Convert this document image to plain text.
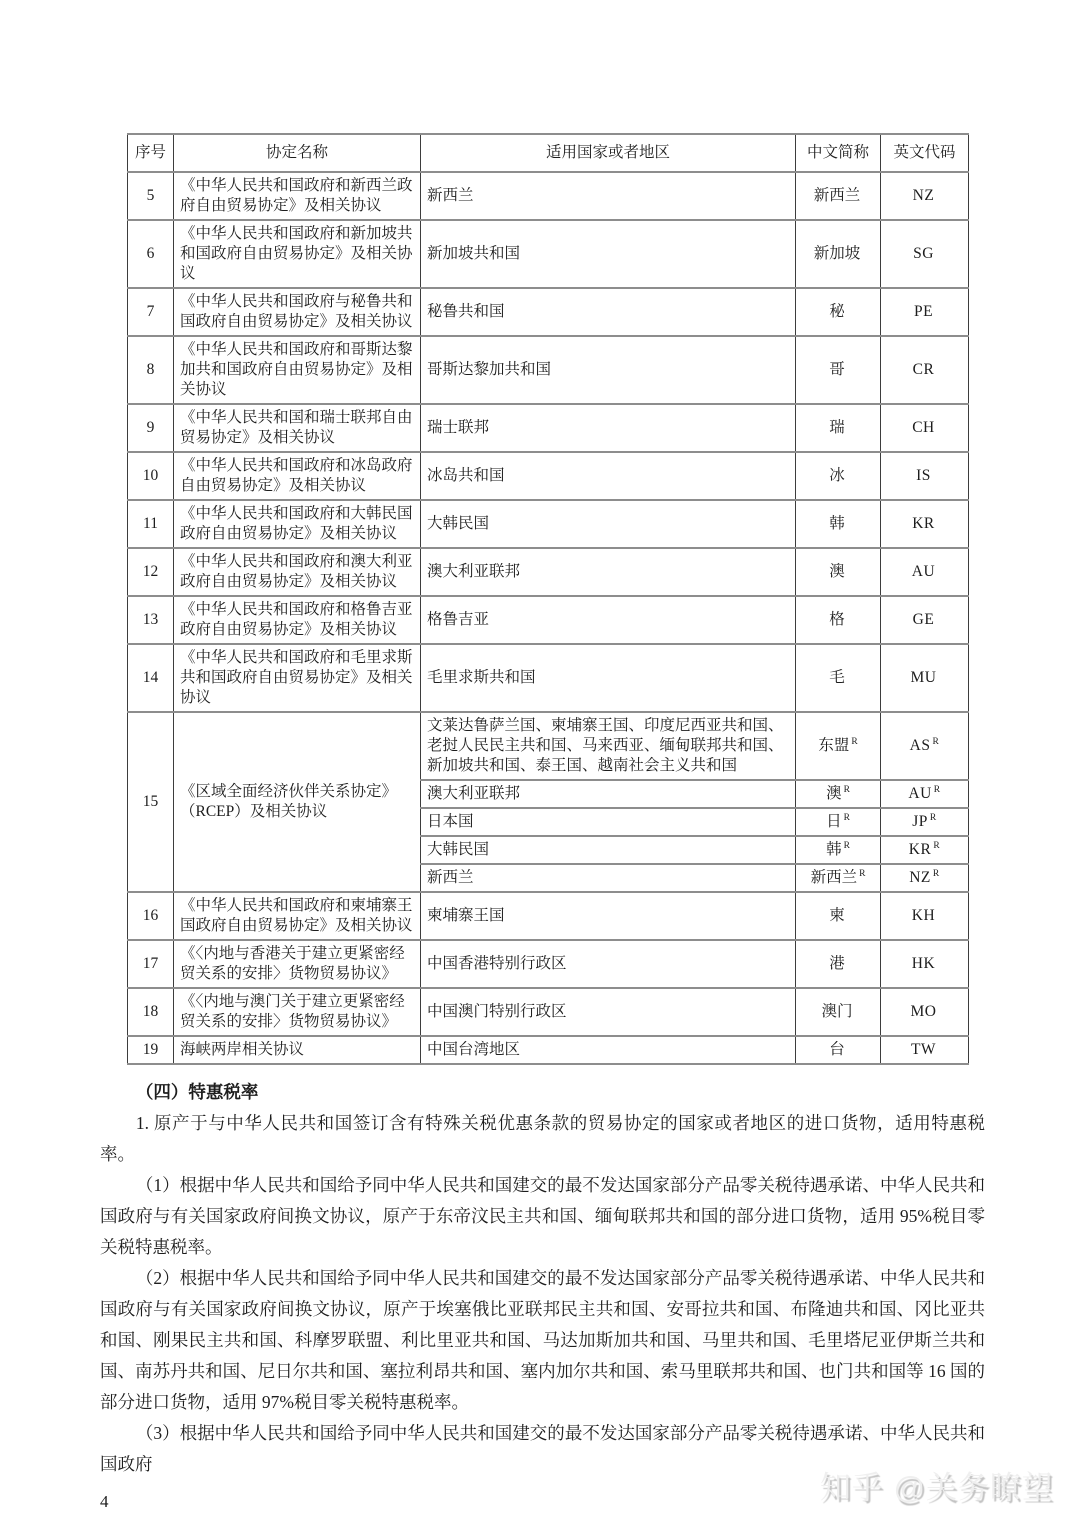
序号	协定名称	适用国家或者地区	中文简称	英文代码
5	《中华人民共和国政府和新西兰政府自由贸易协定》及相关协议	新西兰	新西兰	NZ
6	《中华人民共和国政府和新加坡共和国政府自由贸易协定》及相关协议	新加坡共和国	新加坡	SG
7	《中华人民共和国政府与秘鲁共和国政府自由贸易协定》及相关协议	秘鲁共和国	秘	PE
8	《中华人民共和国政府和哥斯达黎加共和国政府自由贸易协定》及相关协议	哥斯达黎加共和国	哥	CR
9	《中华人民共和国和瑞士联邦自由贸易协定》及相关协议	瑞士联邦	瑞	CH
10	《中华人民共和国政府和冰岛政府自由贸易协定》及相关协议	冰岛共和国	冰	IS
11	《中华人民共和国政府和大韩民国政府自由贸易协定》及相关协议	大韩民国	韩	KR
12	《中华人民共和国政府和澳大利亚政府自由贸易协定》及相关协议	澳大利亚联邦	澳	AU
13	《中华人民共和国政府和格鲁吉亚政府自由贸易协定》及相关协议	格鲁吉亚	格	GE
14	《中华人民共和国政府和毛里求斯共和国政府自由贸易协定》及相关协议	毛里求斯共和国	毛	MU
15	《区域全面经济伙伴关系协定》（RCEP）及相关协议	文莱达鲁萨兰国、柬埔寨王国、印度尼西亚共和国、老挝人民民主共和国、马来西亚、缅甸联邦共和国、新加坡共和国、泰王国、越南社会主义共和国	东盟 $^R$	AS $^R$
		澳大利亚联邦	澳 $^R$	AU $^R$
		日本国	日 $^R$	JP $^R$
		大韩民国	韩 $^R$	KR $^R$
		新西兰	新西兰 $^R$	NZ $^R$
16	《中华人民共和国政府和柬埔寨王国政府自由贸易协定》及相关协议	柬埔寨王国	柬	KH
17	《〈内地与香港关于建立更紧密经贸关系的安排〉货物贸易协议》	中国香港特别行政区	港	HK
18	《〈内地与澳门关于建立更紧密经贸关系的安排〉货物贸易协议》	中国澳门特别行政区	澳门	MO
19	海峡两岸相关协议	中国台湾地区	台	TW

（四）特惠税率

1. 原产于与中华人民共和国签订含有特殊关税优惠条款的贸易协定的国家或者地区的进口货物，适用特惠税率。

（1）根据中华人民共和国给予同中华人民共和国建交的最不发达国家部分产品零关税待遇承诺、中华人民共和国政府与有关国家政府间换文协议，原产于东帝汶民主共和国、缅甸联邦共和国的部分进口货物，适用 95%税目零关税特惠税率。

（2）根据中华人民共和国给予同中华人民共和国建交的最不发达国家部分产品零关税待遇承诺、中华人民共和国政府与有关国家政府间换文协议，原产于埃塞俄比亚联邦民主共和国、安哥拉共和国、布隆迪共和国、冈比亚共和国、刚果民主共和国、科摩罗联盟、利比里亚共和国、马达加斯加共和国、马里共和国、毛里塔尼亚伊斯兰共和国、南苏丹共和国、尼日尔共和国、塞拉利昂共和国、塞内加尔共和国、索马里联邦共和国、也门共和国等 16 国的部分进口货物，适用 97%税目零关税特惠税率。

（3）根据中华人民共和国给予同中华人民共和国建交的最不发达国家部分产品零关税待遇承诺、中华人民共和国政府

4	知乎 @关务瞭望
